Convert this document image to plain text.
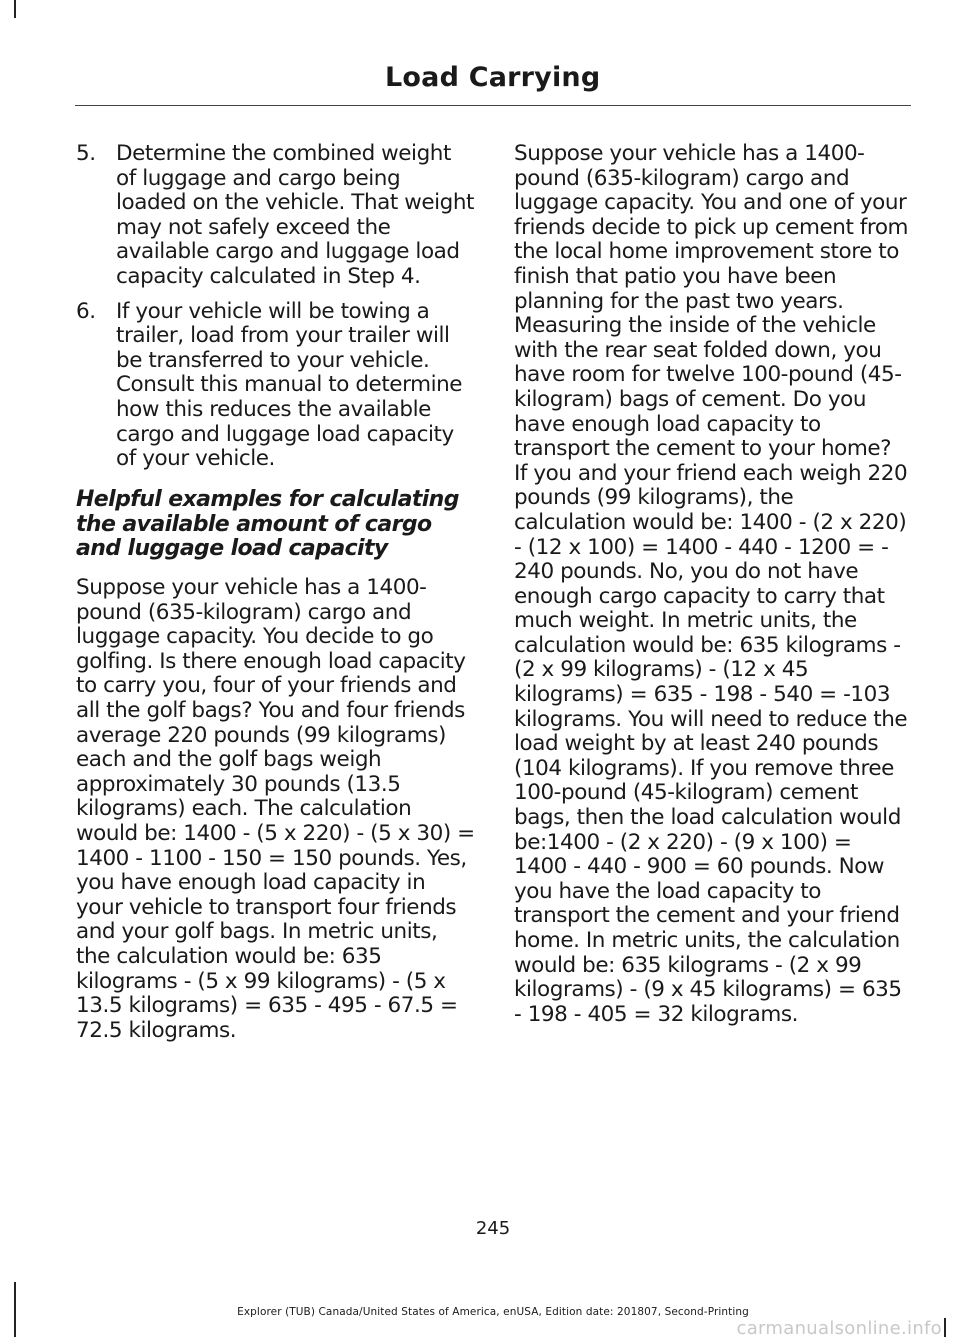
Load Carrying
5. Determine the combined weight of luggage and cargo being loaded on the vehicle. That weight may not safely exceed the available cargo and luggage load capacity calculated in Step 4.
6. If your vehicle will be towing a trailer, load from your trailer will be transferred to your vehicle. Consult this manual to determine how this reduces the available cargo and luggage load capacity of your vehicle.
Helpful examples for calculating the available amount of cargo and luggage load capacity

Suppose your vehicle has a 1400-pound (635-kilogram) cargo and luggage capacity. You decide to go golfing. Is there enough load capacity to carry you, four of your friends and all the golf bags? You and four friends average 220 pounds (99 kilograms) each and the golf bags weigh approximately 30 pounds (13.5 kilograms) each. The calculation would be: 1400 - (5 x 220) - (5 x 30) = 1400 - 1100 - 150 = 150 pounds. Yes, you have enough load capacity in your vehicle to transport four friends and your golf bags. In metric units, the calculation would be: 635 kilograms - (5 x 99 kilograms) - (5 x 13.5 kilograms) = 635 - 495 - 67.5 = 72.5 kilograms.

Suppose your vehicle has a 1400-pound (635-kilogram) cargo and luggage capacity. You and one of your friends decide to pick up cement from the local home improvement store to finish that patio you have been planning for the past two years. Measuring the inside of the vehicle with the rear seat folded down, you have room for twelve 100-pound (45-kilogram) bags of cement. Do you have enough load capacity to transport the cement to your home? If you and your friend each weigh 220 pounds (99 kilograms), the calculation would be: 1400 - (2 x 220) - (12 x 100) = 1400 - 440 - 1200 = - 240 pounds. No, you do not have enough cargo capacity to carry that much weight. In metric units, the calculation would be: 635 kilograms - (2 x 99 kilograms) - (12 x 45 kilograms) = 635 - 198 - 540 = -103 kilograms. You will need to reduce the load weight by at least 240 pounds (104 kilograms). If you remove three 100-pound (45-kilogram) cement bags, then the load calculation would be:1400 - (2 x 220) - (9 x 100) = 1400 - 440 - 900 = 60 pounds. Now you have the load capacity to transport the cement and your friend home. In metric units, the calculation would be: 635 kilograms - (2 x 99 kilograms) - (9 x 45 kilograms) = 635 - 198 - 405 = 32 kilograms.

245
Explorer (TUB) Canada/United States of America, enUSA, Edition date: 201807, Second-Printing
carmanualsonline.info
